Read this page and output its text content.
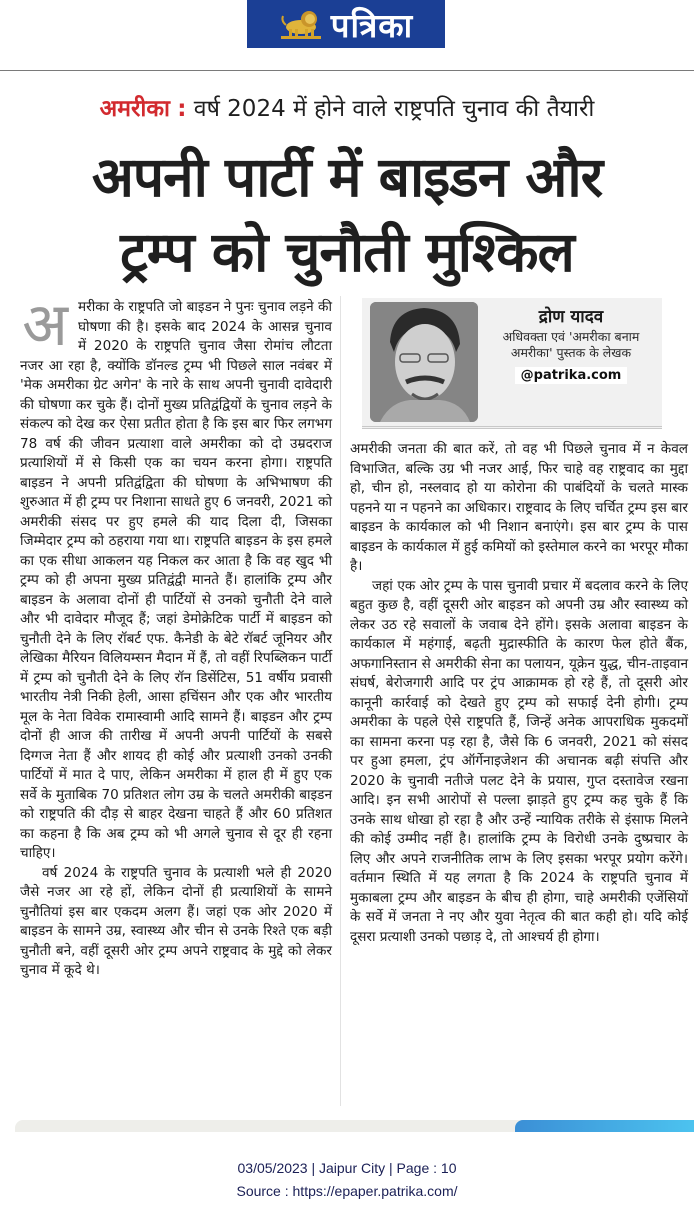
पत्रिका
अमरीका : वर्ष 2024 में होने वाले राष्ट्रपति चुनाव की तैयारी
अपनी पार्टी में बाइडन और
ट्रम्प को चुनौती मुश्किल
अ मरीका के राष्ट्रपति जो बाइडन ने पुनः चुनाव लड़ने की घोषणा की है। इसके बाद 2024 के आसन्न चुनाव में 2020 के राष्ट्रपति चुनाव जैसा रोमांच लौटता नजर आ रहा है, क्योंकि डॉनल्ड ट्रम्प भी पिछले साल नवंबर में 'मेक अमरीका ग्रेट अगेन' के नारे के साथ अपनी चुनावी दावेदारी की घोषणा कर चुके हैं। दोनों मुख्य प्रतिद्वंद्वियों के चुनाव लड़ने के संकल्प को देख कर ऐसा प्रतीत होता है कि इस बार फिर लगभग 78 वर्ष की जीवन प्रत्याशा वाले अमरीका को दो उम्रदराज प्रत्याशियों में से किसी एक का चयन करना होगा। राष्ट्रपति बाइडन ने अपनी प्रतिद्वंद्विता की घोषणा के अभिभाषण की शुरुआत में ही ट्रम्प पर निशाना साधते हुए 6 जनवरी, 2021 को अमरीकी संसद पर हुए हमले की याद दिला दी, जिसका जिम्मेदार ट्रम्प को ठहराया गया था। राष्ट्रपति बाइडन के इस हमले का एक सीधा आकलन यह निकल कर आता है कि वह खुद भी ट्रम्प को ही अपना मुख्य प्रतिद्वंद्वी मानते हैं। हालांकि ट्रम्प और बाइडन के अलावा दोनों ही पार्टियों से उनको चुनौती देने वाले और भी दावेदार मौजूद हैं; जहां डेमोक्रेटिक पार्टी में बाइडन को चुनौती देने के लिए रॉबर्ट एफ. कैनेडी के बेटे रॉबर्ट जूनियर और लेखिका मैरियन विलियम्सन मैदान में हैं, तो वहीं रिपब्लिकन पार्टी में ट्रम्प को चुनौती देने के लिए रॉन डिसेंटिस, 51 वर्षीय प्रवासी भारतीय नेत्री निकी हेली, आसा हचिंसन और एक और भारतीय मूल के नेता विवेक रामास्वामी आदि सामने हैं। बाइडन और ट्रम्प दोनों ही आज की तारीख में अपनी अपनी पार्टियों के सबसे दिग्गज नेता हैं और शायद ही कोई और प्रत्याशी उनको उनकी पार्टियों में मात दे पाए, लेकिन अमरीका में हाल ही में हुए एक सर्वे के मुताबिक 70 प्रतिशत लोग उम्र के चलते अमरीकी बाइडन को राष्ट्रपति की दौड़ से बाहर देखना चाहते हैं और 60 प्रतिशत का कहना है कि अब ट्रम्प को भी अगले चुनाव से दूर ही रहना चाहिए।

वर्ष 2024 के राष्ट्रपति चुनाव के प्रत्याशी भले ही 2020 जैसे नजर आ रहे हों, लेकिन दोनों ही प्रत्याशियों के सामने चुनौतियां इस बार एकदम अलग हैं। जहां एक ओर 2020 में बाइडन के सामने उम्र, स्वास्थ्य और चीन से उनके रिश्ते एक बड़ी चुनौती बने, वहीं दूसरी ओर ट्रम्प अपने राष्ट्रवाद के मुद्दे को लेकर चुनाव में कूदे थे।

द्रोण यादव
अधिवक्ता एवं 'अमरीका बनाम अमरीका' पुस्तक के लेखक
@patrika.com

अमरीकी जनता की बात करें, तो वह भी पिछले चुनाव में न केवल विभाजित, बल्कि उग्र भी नजर आई, फिर चाहे वह राष्ट्रवाद का मुद्दा हो, चीन हो, नस्लवाद हो या कोरोना की पाबंदियों के चलते मास्क पहनने या न पहनने का अधिकार। राष्ट्रवाद के लिए चर्चित ट्रम्प इस बार बाइडन के कार्यकाल को भी निशान बनाएंगे। इस बार ट्रम्प के पास बाइडन के कार्यकाल में हुई कमियों को इस्तेमाल करने का भरपूर मौका है।

जहां एक ओर ट्रम्प के पास चुनावी प्रचार में बदलाव करने के लिए बहुत कुछ है, वहीं दूसरी ओर बाइडन को अपनी उम्र और स्वास्थ्य को लेकर उठ रहे सवालों के जवाब देने होंगे। इसके अलावा बाइडन के कार्यकाल में महंगाई, बढ़ती मुद्रास्फीति के कारण फेल होते बैंक, अफगानिस्तान से अमरीकी सेना का पलायन, यूक्रेन युद्ध, चीन-ताइवान संघर्ष, बेरोजगारी आदि पर ट्रंप आक्रामक हो रहे हैं, तो दूसरी ओर कानूनी कार्रवाई को देखते हुए ट्रम्प को सफाई देनी होगी। ट्रम्प अमरीका के पहले ऐसे राष्ट्रपति हैं, जिन्हें अनेक आपराधिक मुकदमों का सामना करना पड़ रहा है, जैसे कि 6 जनवरी, 2021 को संसद पर हुआ हमला, ट्रंप ऑर्गेनाइजेशन की अचानक बढ़ी संपत्ति और 2020 के चुनावी नतीजे पलट देने के प्रयास, गुप्त दस्तावेज रखना आदि। इन सभी आरोपों से पल्ला झाड़ते हुए ट्रम्प कह चुके हैं कि उनके साथ धोखा हो रहा है और उन्हें न्यायिक तरीके से इंसाफ मिलने की कोई उम्मीद नहीं है। हालांकि ट्रम्प के विरोधी उनके दुष्प्रचार के लिए और अपने राजनीतिक लाभ के लिए इसका भरपूर प्रयोग करेंगे। वर्तमान स्थिति में यह लगता है कि 2024 के राष्ट्रपति चुनाव में मुकाबला ट्रम्प और बाइडन के बीच ही होगा, चाहे अमरीकी एजेंसियों के सर्वे में जनता ने नए और युवा नेतृत्व की बात कही हो। यदि कोई दूसरा प्रत्याशी उनको पछाड़ दे, तो आश्चर्य ही होगा।

03/05/2023 | Jaipur City | Page : 10
Source : https://epaper.patrika.com/
